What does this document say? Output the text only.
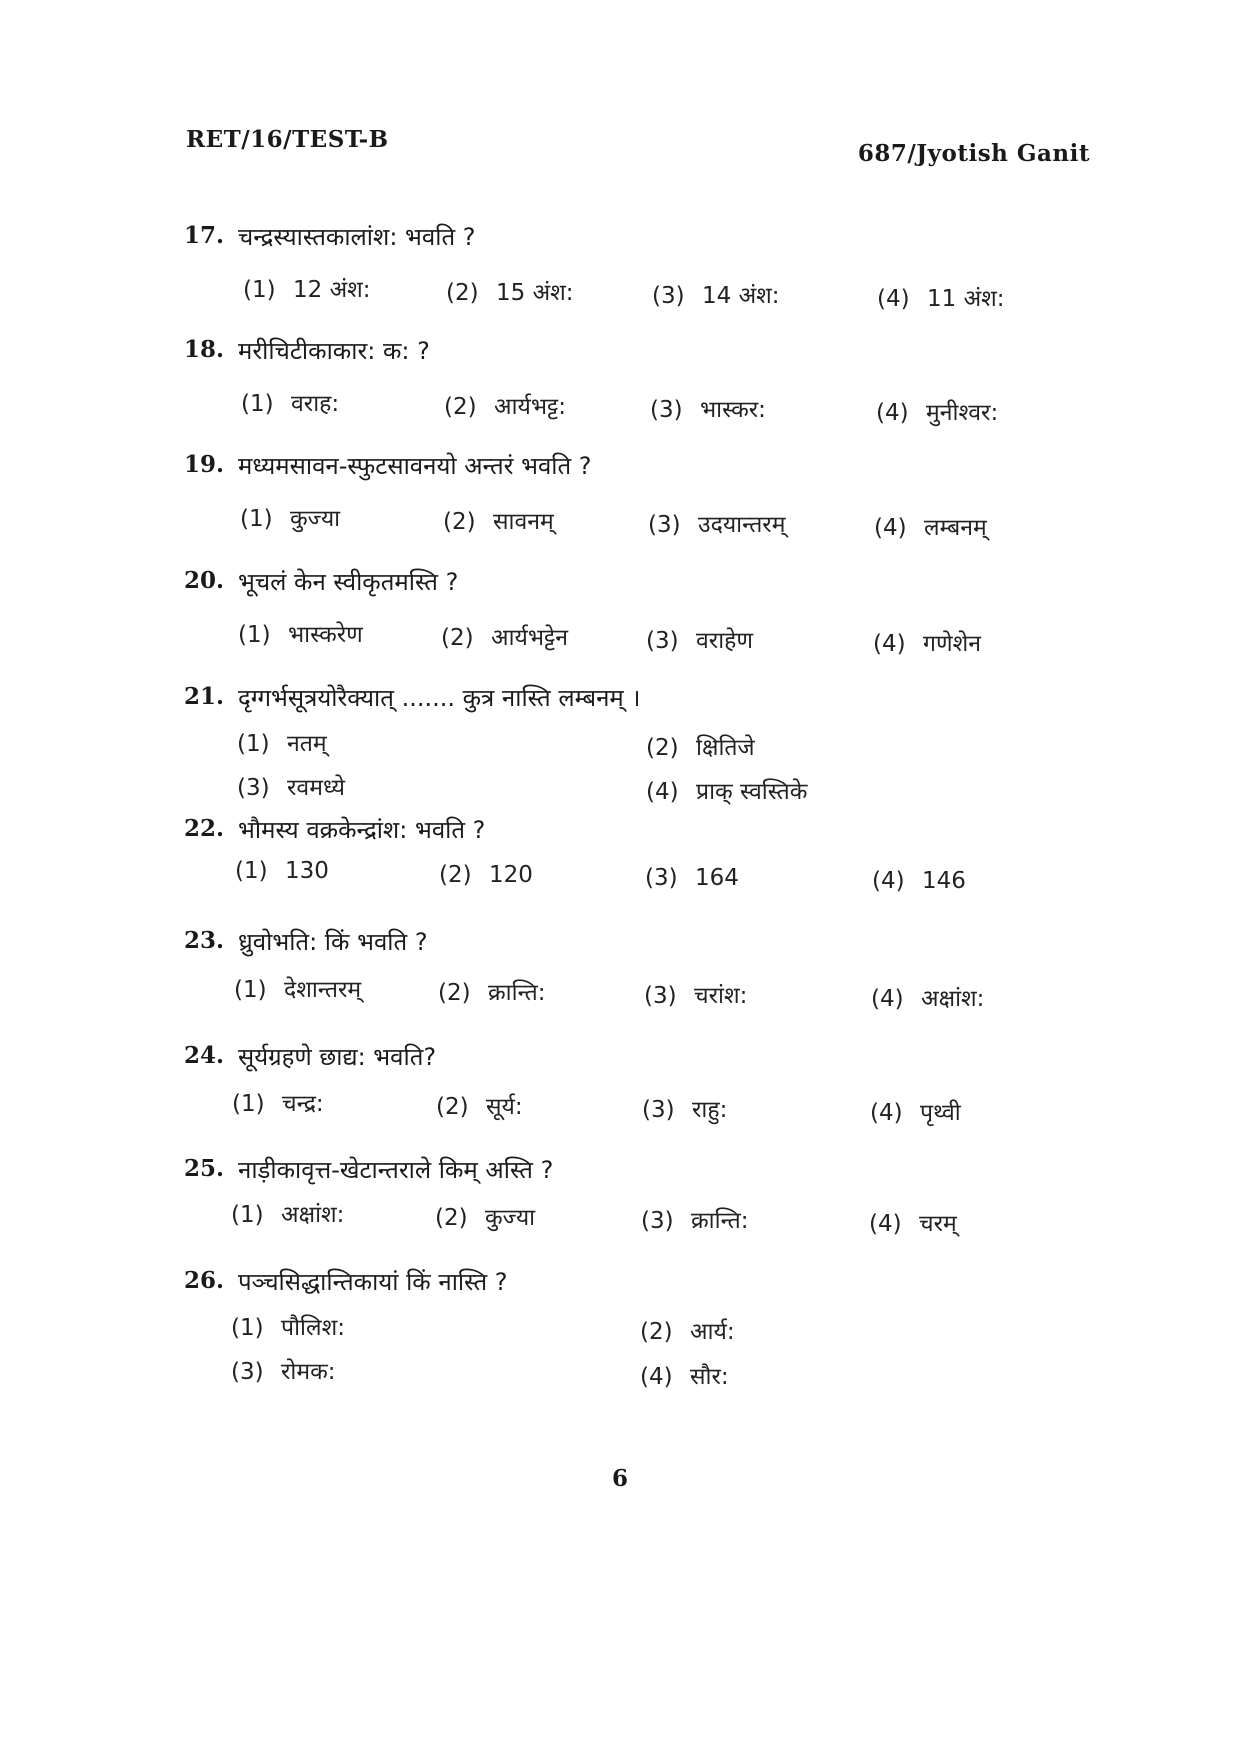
RET/16/TEST-B
687/Jyotish Ganit
17. चन्द्रस्यास्तकालांश: भवति ?
(1) 12 अंश:	(2) 15 अंश:	(3) 14 अंश:	(4) 11 अंश:
18. मरीचिटीकाकार: क: ?
(1) वराह:	(2) आर्यभट्ट:	(3) भास्कर:	(4) मुनीश्वर:
19. मध्यमसावन-स्फुटसावनयो अन्तरं भवति ?
(1) कुज्या	(2) सावनम्	(3) उदयान्तरम्	(4) लम्बनम्
20. भूचलं केन स्वीकृतमस्ति ?
(1) भास्करेण	(2) आर्यभट्टेन	(3) वराहेण	(4) गणेशेन
21. दृग्गर्भसूत्रयोरैक्यात् ....... कुत्र नास्ति लम्बनम् ।
(1) नतम्	(2) क्षितिजे
(3) रवमध्ये	(4) प्राक् स्वस्तिके
22. भौमस्य वक्रकेन्द्रांश: भवति ?
(1) 130	(2) 120	(3) 164	(4) 146
23. ध्रुवोभति: किं भवति ?
(1) देशान्तरम्	(2) क्रान्ति:	(3) चरांश:	(4) अक्षांश:
24. सूर्यग्रहणे छाद्य: भवति?
(1) चन्द्र:	(2) सूर्य:	(3) राहु:	(4) पृथ्वी
25. नाड़ीकावृत्त-खेटान्तराले किम् अस्ति ?
(1) अक्षांश:	(2) कुज्या	(3) क्रान्ति:	(4) चरम्
26. पञ्चसिद्धान्तिकायां किं नास्ति ?
(1) पौलिश:	(2) आर्य:
(3) रोमक:	(4) सौर:
6
